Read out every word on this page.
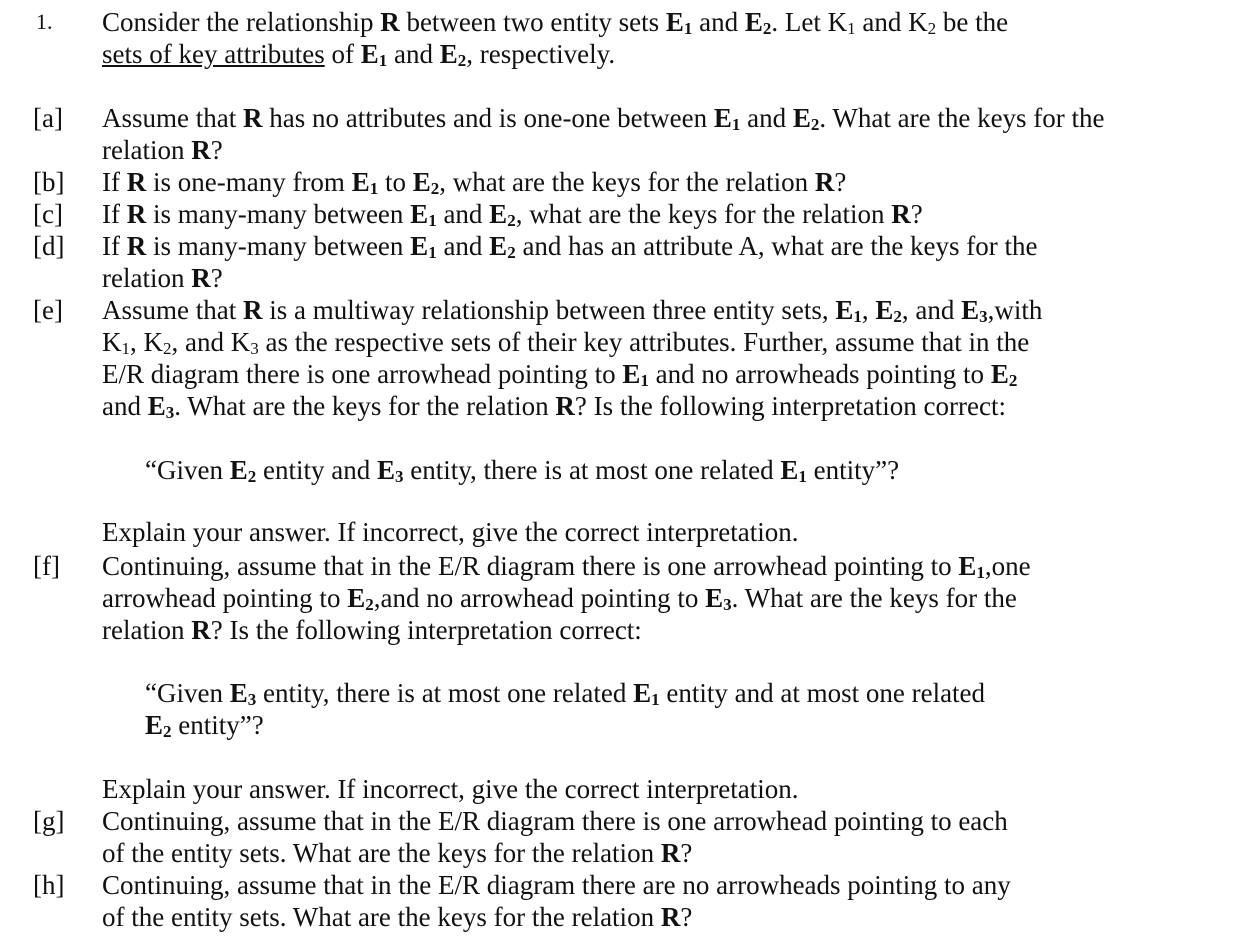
1. Consider the relationship R between two entity sets $E_1$ and $E_2$. Let $K_1$ and $K_2$ be the
sets of key attributes of $E_1$ and $E_2$, respectively.
[a] Assume that R has no attributes and is one-one between $E_1$ and $E_2$. What are the keys for the relation R?
[b] If R is one-many from $E_1$ to $E_2$, what are the keys for the relation R?
[c] If R is many-many between $E_1$ and $E_2$, what are the keys for the relation R?
[d] If R is many-many between $E_1$ and $E_2$ and has an attribute A, what are the keys for the
relation R?
[e] Assume that R is a multiway relationship between three entity sets, $E_1$, $E_2$, and $E_3,with$
$K_1$, $K_2$, and $K_3$ as the respective sets of their key attributes. Further, assume that in the
E/R diagram there is one arrowhead pointing to $E_1$ and no arrowheads pointing to $E_2$
and $E_3$. What are the keys for the relation R? Is the following interpretation correct:
“Given $E_2$ entity and $E_3$ entity, there is at most one related $E_1$ entity”?
Explain your answer. If incorrect, give the correct interpretation.
[f] Continuing, assume that in the E/R diagram there is one arrowhead pointing to $E_1,one$
arrowhead pointing to $E_2,and$ no arrowhead pointing to $E_3$. What are the keys for the
relation R? Is the following interpretation correct:
“Given $E_3$ entity, there is at most one related $E_1$ entity and at most one related
$E_2$ entity”?
Explain your answer. If incorrect, give the correct interpretation.
[g] Continuing, assume that in the E/R diagram there is one arrowhead pointing to each
of the entity sets. What are the keys for the relation R?
[h] Continuing, assume that in the E/R diagram there are no arrowheads pointing to any
of the entity sets. What are the keys for the relation R?
